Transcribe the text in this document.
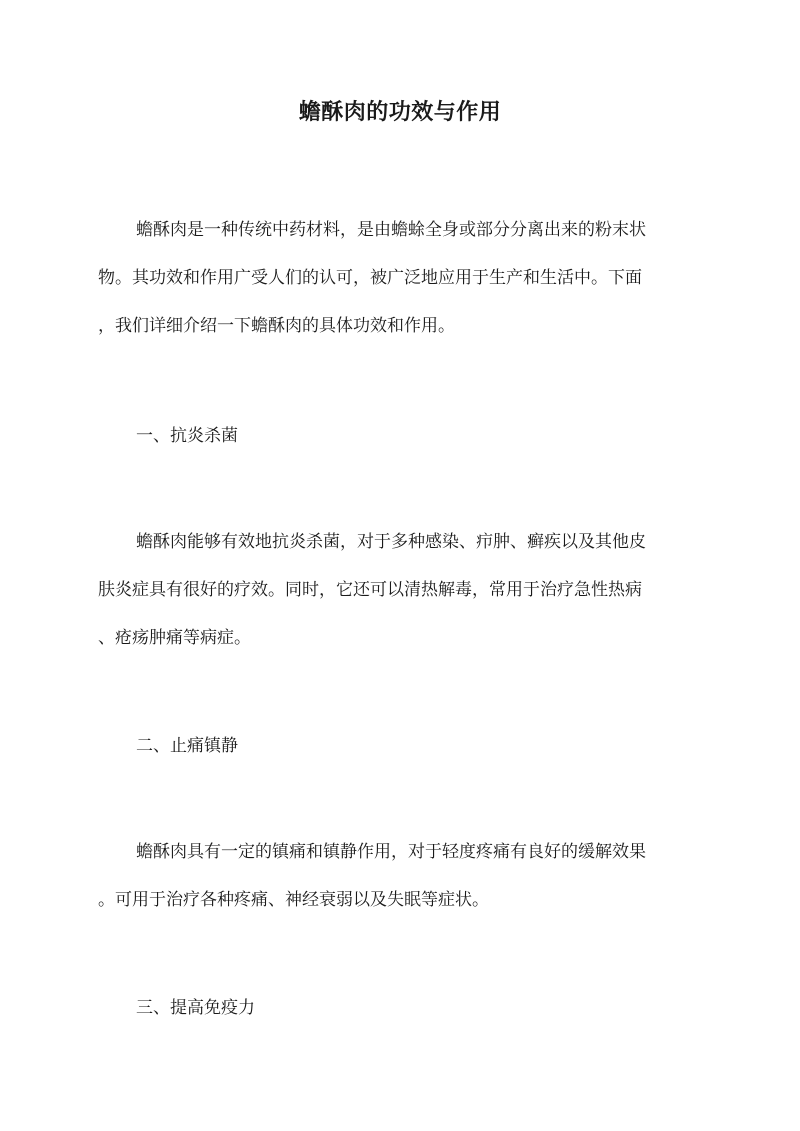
蟾酥肉的功效与作用
蟾酥肉是一种传统中药材料，是由蟾蜍全身或部分分离出来的粉末状
物。其功效和作用广受人们的认可，被广泛地应用于生产和生活中。下面
，我们详细介绍一下蟾酥肉的具体功效和作用。
一、抗炎杀菌
蟾酥肉能够有效地抗炎杀菌，对于多种感染、疖肿、癣疾以及其他皮
肤炎症具有很好的疗效。同时，它还可以清热解毒，常用于治疗急性热病
、疮疡肿痛等病症。
二、止痛镇静
蟾酥肉具有一定的镇痛和镇静作用，对于轻度疼痛有良好的缓解效果
。可用于治疗各种疼痛、神经衰弱以及失眠等症状。
三、提高免疫力
